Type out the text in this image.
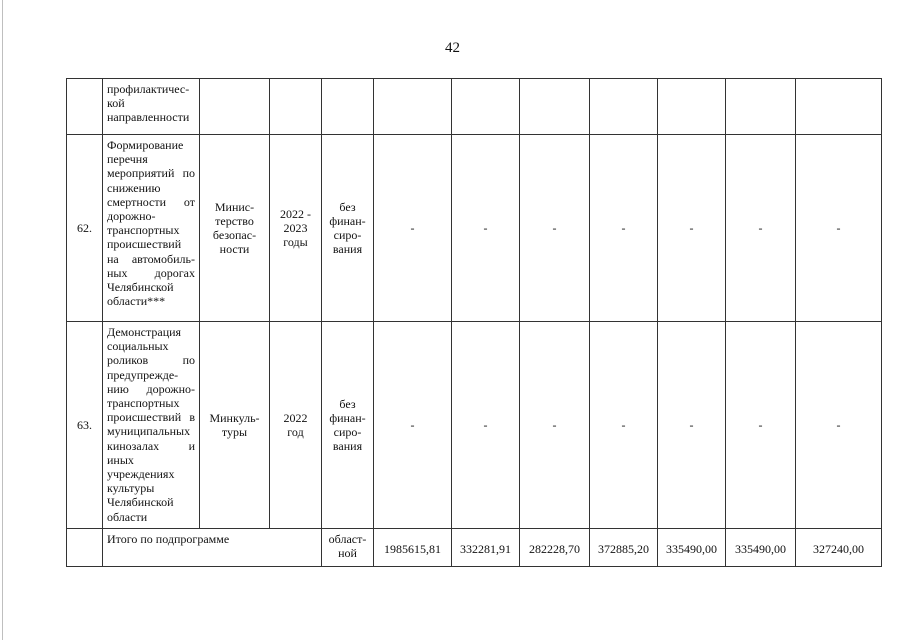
42
	профилактичес-кой направленности										
62.	Формирование перечня мероприятий по снижению смертности от дорожно-транспортных происшествий на автомобиль-ных дорогах Челябинской области***	Минис-терство безопас-ности	2022 - 2023 годы	без финан-сиро-вания	-	-	-	-	-	-	-
63.	Демонстрация социальных роликов по предупрежде-нию дорожно-транспортных происшествий в муниципальных кинозалах и иных учреждениях культуры Челябинской области	Минкуль-туры	2022 год	без финан-сиро-вания	-	-	-	-	-	-	-
	Итого по подпрограмме			област-ной	1985615,81	332281,91	282228,70	372885,20	335490,00	335490,00	327240,00
